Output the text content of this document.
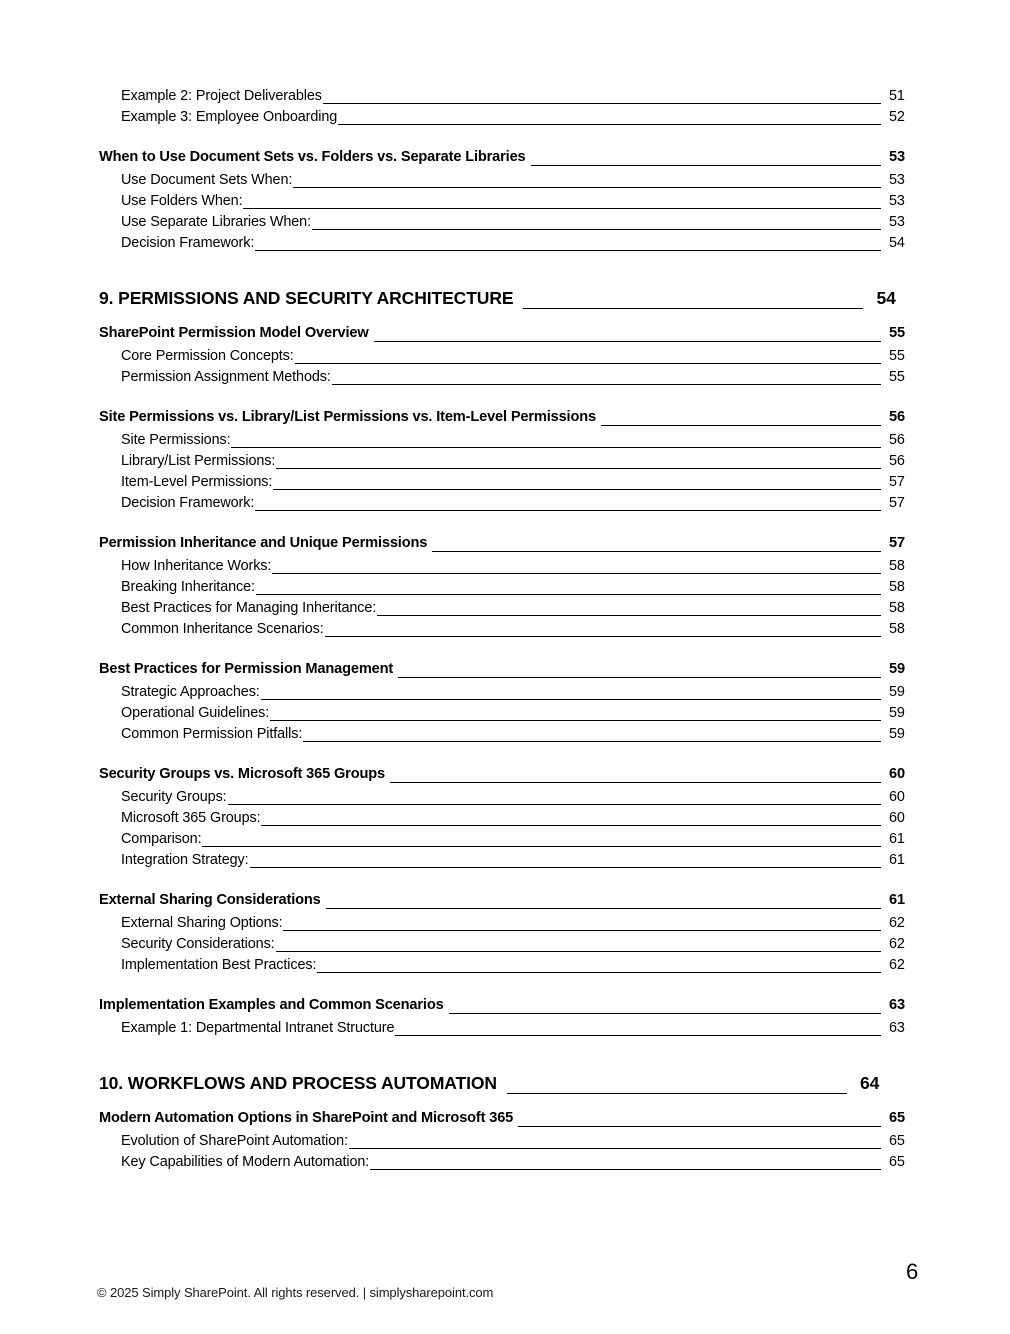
Example 2: Project Deliverables	51
Example 3: Employee Onboarding	52
When to Use Document Sets vs. Folders vs. Separate Libraries	53
Use Document Sets When:	53
Use Folders When:	53
Use Separate Libraries When:	53
Decision Framework:	54
9. PERMISSIONS AND SECURITY ARCHITECTURE	54
SharePoint Permission Model Overview	55
Core Permission Concepts:	55
Permission Assignment Methods:	55
Site Permissions vs. Library/List Permissions vs. Item-Level Permissions	56
Site Permissions:	56
Library/List Permissions:	56
Item-Level Permissions:	57
Decision Framework:	57
Permission Inheritance and Unique Permissions	57
How Inheritance Works:	58
Breaking Inheritance:	58
Best Practices for Managing Inheritance:	58
Common Inheritance Scenarios:	58
Best Practices for Permission Management	59
Strategic Approaches:	59
Operational Guidelines:	59
Common Permission Pitfalls:	59
Security Groups vs. Microsoft 365 Groups	60
Security Groups:	60
Microsoft 365 Groups:	60
Comparison:	61
Integration Strategy:	61
External Sharing Considerations	61
External Sharing Options:	62
Security Considerations:	62
Implementation Best Practices:	62
Implementation Examples and Common Scenarios	63
Example 1: Departmental Intranet Structure	63
10. WORKFLOWS AND PROCESS AUTOMATION	64
Modern Automation Options in SharePoint and Microsoft 365	65
Evolution of SharePoint Automation:	65
Key Capabilities of Modern Automation:	65
6
© 2025 Simply SharePoint. All rights reserved. | simplysharepoint.com
